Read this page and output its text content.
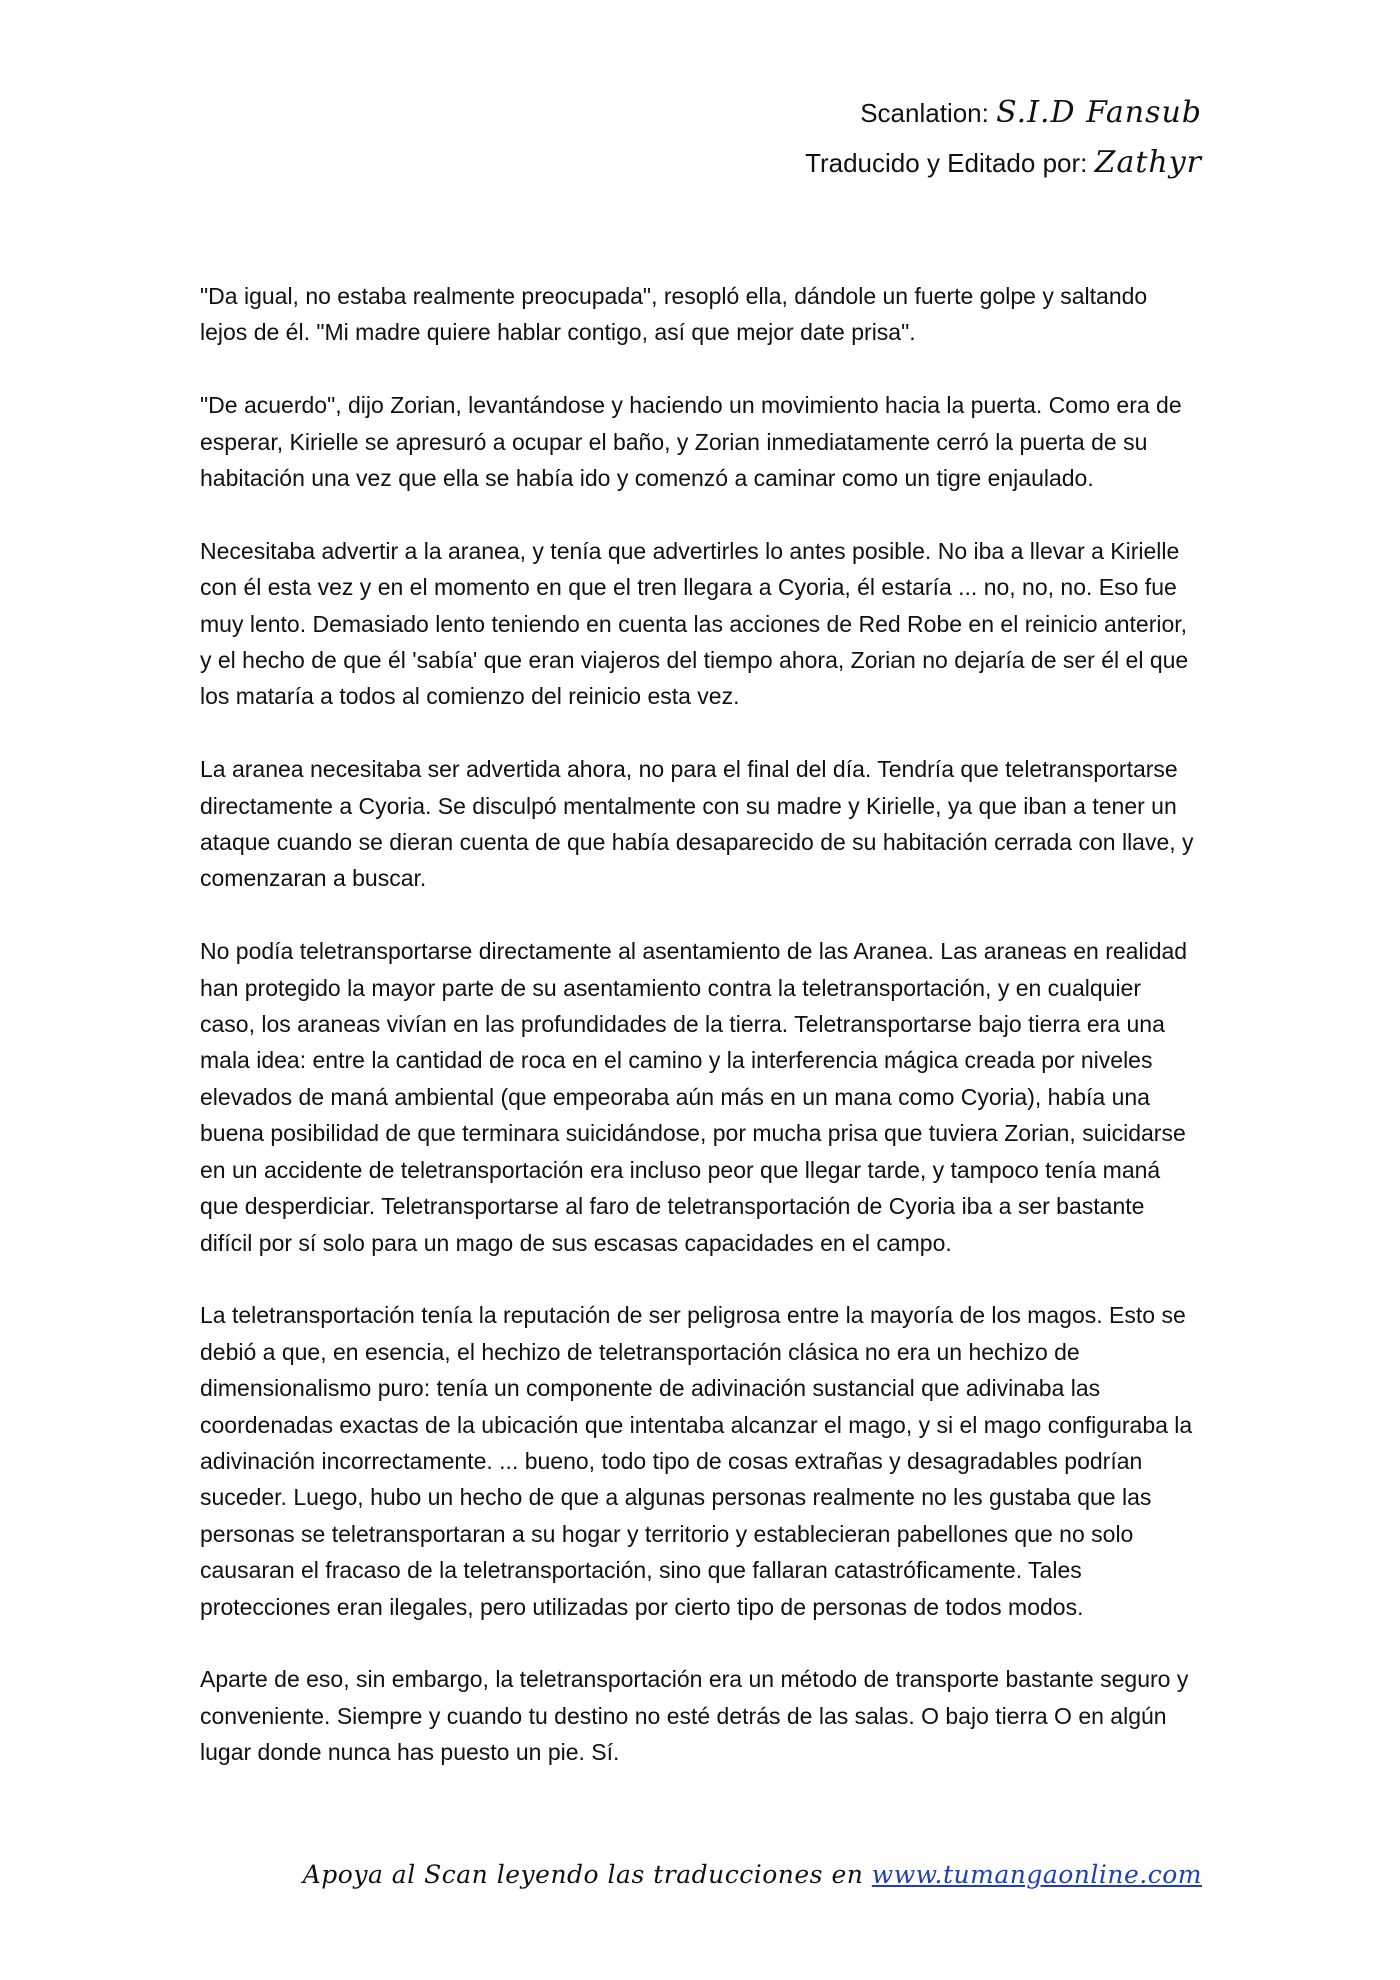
Scanlation: S.I.D Fansub
Traducido y Editado por: Zathyr

"Da igual, no estaba realmente preocupada", resopló ella, dándole un fuerte golpe y saltando lejos de él. "Mi madre quiere hablar contigo, así que mejor date prisa".

"De acuerdo", dijo Zorian, levantándose y haciendo un movimiento hacia la puerta. Como era de esperar, Kirielle se apresuró a ocupar el baño, y Zorian inmediatamente cerró la puerta de su habitación una vez que ella se había ido y comenzó a caminar como un tigre enjaulado.

Necesitaba advertir a la aranea, y tenía que advertirles lo antes posible. No iba a llevar a Kirielle con él esta vez y en el momento en que el tren llegara a Cyoria, él estaría ... no, no, no. Eso fue muy lento. Demasiado lento teniendo en cuenta las acciones de Red Robe en el reinicio anterior, y el hecho de que él 'sabía' que eran viajeros del tiempo ahora, Zorian no dejaría de ser él el que los mataría a todos al comienzo del reinicio esta vez.

La aranea necesitaba ser advertida ahora, no para el final del día. Tendría que teletransportarse directamente a Cyoria. Se disculpó mentalmente con su madre y Kirielle, ya que iban a tener un ataque cuando se dieran cuenta de que había desaparecido de su habitación cerrada con llave, y comenzaran a buscar.

No podía teletransportarse directamente al asentamiento de las Aranea. Las araneas en realidad han protegido la mayor parte de su asentamiento contra la teletransportación, y en cualquier caso, los araneas vivían en las profundidades de la tierra. Teletransportarse bajo tierra era una mala idea: entre la cantidad de roca en el camino y la interferencia mágica creada por niveles elevados de maná ambiental (que empeoraba aún más en un mana como Cyoria), había una buena posibilidad de que terminara suicidándose, por mucha prisa que tuviera Zorian, suicidarse en un accidente de teletransportación era incluso peor que llegar tarde, y tampoco tenía maná que desperdiciar. Teletransportarse al faro de teletransportación de Cyoria iba a ser bastante difícil por sí solo para un mago de sus escasas capacidades en el campo.

La teletransportación tenía la reputación de ser peligrosa entre la mayoría de los magos. Esto se debió a que, en esencia, el hechizo de teletransportación clásica no era un hechizo de dimensionalismo puro: tenía un componente de adivinación sustancial que adivinaba las coordenadas exactas de la ubicación que intentaba alcanzar el mago, y si el mago configuraba la adivinación incorrectamente. ... bueno, todo tipo de cosas extrañas y desagradables podrían suceder. Luego, hubo un hecho de que a algunas personas realmente no les gustaba que las personas se teletransportaran a su hogar y territorio y establecieran pabellones que no solo causaran el fracaso de la teletransportación, sino que fallaran catastróficamente. Tales protecciones eran ilegales, pero utilizadas por cierto tipo de personas de todos modos.

Aparte de eso, sin embargo, la teletransportación era un método de transporte bastante seguro y conveniente. Siempre y cuando tu destino no esté detrás de las salas. O bajo tierra O en algún lugar donde nunca has puesto un pie. Sí.

Apoya al Scan leyendo las traducciones en www.tumangaonline.com
